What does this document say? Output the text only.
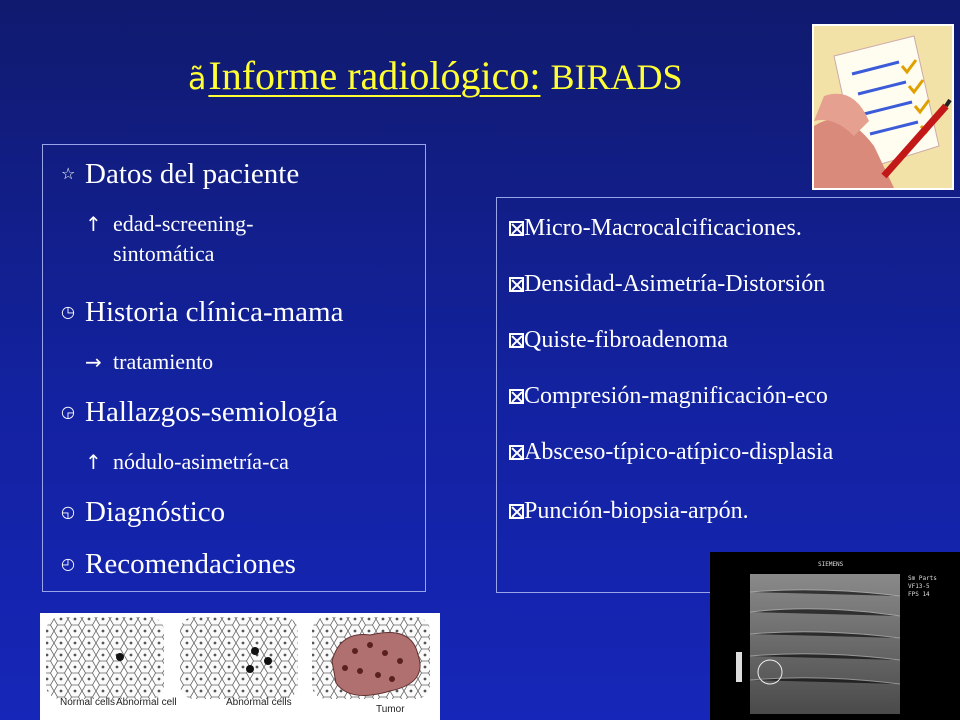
ãInforme radiológico: BIRADS
☆ Datos del paciente
↑ edad-screening-
sintomática
◷ Historia clínica-mama
→ tratamiento
◶ Hallazgos-semiología
↑ nódulo-asimetría-ca
◵ Diagnóstico
◴ Recomendaciones
Micro-Macrocalcificaciones.
Densidad-Asimetría-Distorsión
Quiste-fibroadenoma
Compresión-magnificación-eco
Absceso-típico-atípico-displasia
Punción-biopsia-arpón.
Normal cells Abnormal cell	Abnormal cells
Tumor
SIEMENS
Sm Parts
VF13-5
FPS 14
